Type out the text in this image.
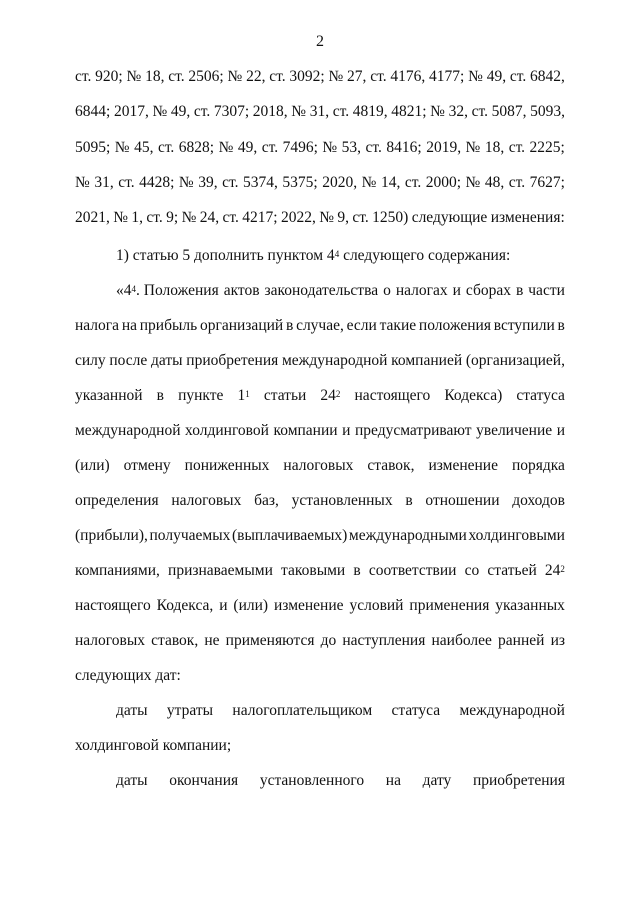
2
ст. 920; № 18, ст. 2506; № 22, ст. 3092; № 27, ст. 4176, 4177; № 49, ст. 6842,
6844; 2017, № 49, ст. 7307; 2018, № 31, ст. 4819, 4821; № 32, ст. 5087, 5093,
5095; № 45, ст. 6828; № 49, ст. 7496; № 53, ст. 8416; 2019, № 18, ст. 2225;
№ 31, ст. 4428; № 39, ст. 5374, 5375; 2020, № 14, ст. 2000; № 48, ст. 7627;
2021, № 1, ст. 9; № 24, ст. 4217; 2022, № 9, ст. 1250) следующие изменения:
1) статью 5 дополнить пунктом $4^4$ следующего содержания:
«$4^4$. Положения актов законодательства о налогах и сборах в части
налога на прибыль организаций в случае, если такие положения вступили в
силу после даты приобретения международной компанией (организацией,
указанной в пункте $1^1$ статьи $24^2$ настоящего Кодекса) статуса
международной холдинговой компании и предусматривают увеличение и
(или) отмену пониженных налоговых ставок, изменение порядка
определения налоговых баз, установленных в отношении доходов
(прибыли), получаемых (выплачиваемых) международными холдинговыми
компаниями, признаваемыми таковыми в соответствии со статьей $24^2$
настоящего Кодекса, и (или) изменение условий применения указанных
налоговых ставок, не применяются до наступления наиболее ранней из
следующих дат:
даты утраты налогоплательщиком статуса международной
холдинговой компании;
даты окончания установленного на дату приобретения
